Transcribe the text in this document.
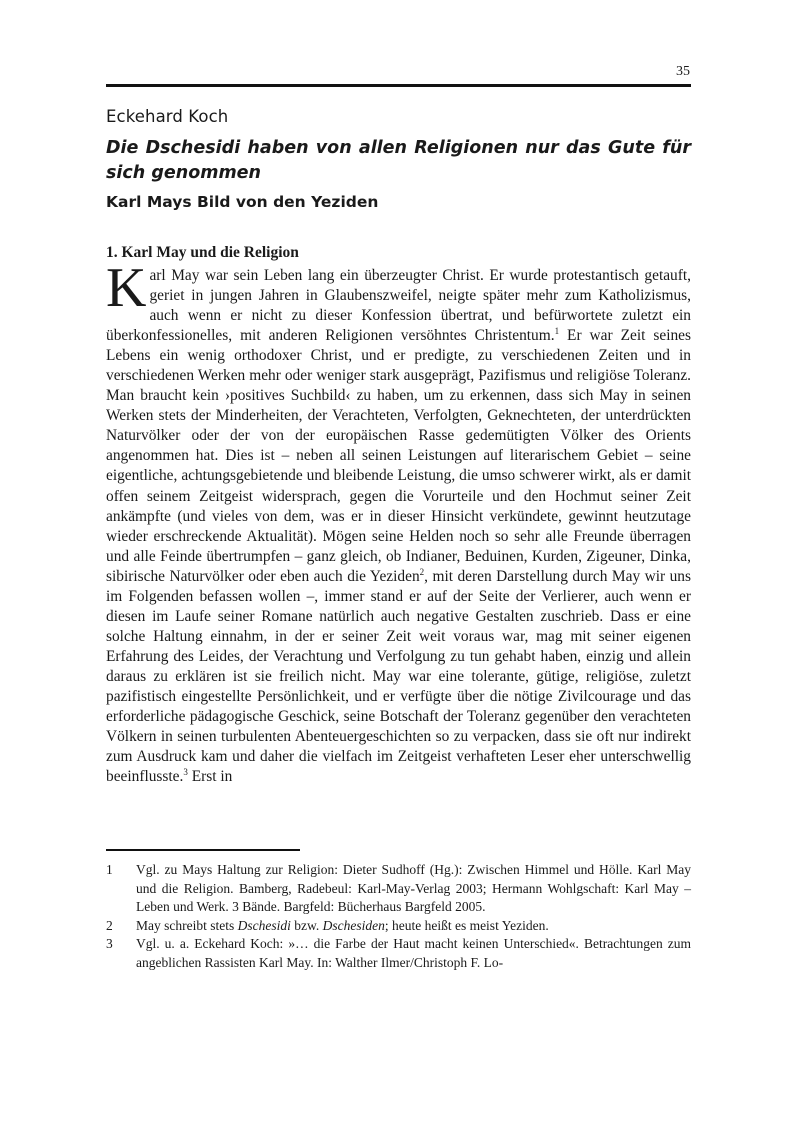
35
Eckehard Koch
Die Dschesidi haben von allen Religionen nur das Gute für sich genommen
Karl Mays Bild von den Yeziden
1. Karl May und die Religion

Karl May war sein Leben lang ein überzeugter Christ. Er wurde protestantisch getauft, geriet in jungen Jahren in Glaubenszweifel, neigte später mehr zum Katholizismus, auch wenn er nicht zu dieser Konfession übertrat, und befürwortete zuletzt ein überkonfessionelles, mit anderen Religionen versöhntes Christentum.$^1$ Er war Zeit seines Lebens ein wenig orthodoxer Christ, und er predigte, zu verschiedenen Zeiten und in verschiedenen Werken mehr oder weniger stark ausgeprägt, Pazifismus und religiöse Toleranz. Man braucht kein ›positives Suchbild‹ zu haben, um zu erkennen, dass sich May in seinen Werken stets der Minderheiten, der Verachteten, Verfolgten, Geknechteten, der unterdrückten Naturvölker oder der von der europäischen Rasse gedemütigten Völker des Orients angenommen hat. Dies ist – neben all seinen Leistungen auf literarischem Gebiet – seine eigentliche, achtungsgebietende und bleibende Leistung, die umso schwerer wirkt, als er damit offen seinem Zeitgeist widersprach, gegen die Vorurteile und den Hochmut seiner Zeit ankämpfte (und vieles von dem, was er in dieser Hinsicht verkündete, gewinnt heutzutage wieder erschreckende Aktualität). Mögen seine Helden noch so sehr alle Freunde überragen und alle Feinde übertrumpfen – ganz gleich, ob Indianer, Beduinen, Kurden, Zigeuner, Dinka, sibirische Naturvölker oder eben auch die Yeziden$^2$, mit deren Darstellung durch May wir uns im Folgenden befassen wollen –, immer stand er auf der Seite der Verlierer, auch wenn er diesen im Laufe seiner Romane natürlich auch negative Gestalten zuschrieb. Dass er eine solche Haltung einnahm, in der er seiner Zeit weit voraus war, mag mit seiner eigenen Erfahrung des Leides, der Verachtung und Verfolgung zu tun gehabt haben, einzig und allein daraus zu erklären ist sie freilich nicht. May war eine tolerante, gütige, religiöse, zuletzt pazifistisch eingestellte Persönlichkeit, und er verfügte über die nötige Zivilcourage und das erforderliche pädagogische Geschick, seine Botschaft der Toleranz gegenüber den verachteten Völkern in seinen turbulenten Abenteuergeschichten so zu verpacken, dass sie oft nur indirekt zum Ausdruck kam und daher die vielfach im Zeitgeist verhafteten Leser eher unterschwellig beeinflusste.$^3$ Erst in

1	Vgl. zu Mays Haltung zur Religion: Dieter Sudhoff (Hg.): Zwischen Himmel und Hölle. Karl May und die Religion. Bamberg, Radebeul: Karl-May-Verlag 2003; Hermann Wohlgschaft: Karl May – Leben und Werk. 3 Bände. Bargfeld: Bücherhaus Bargfeld 2005.
2	May schreibt stets Dschesidi bzw. Dschesiden; heute heißt es meist Yeziden.
3	Vgl. u. a. Eckehard Koch: »… die Farbe der Haut macht keinen Unterschied«. Betrachtungen zum angeblichen Rassisten Karl May. In: Walther Ilmer/Christoph F. Lo-
